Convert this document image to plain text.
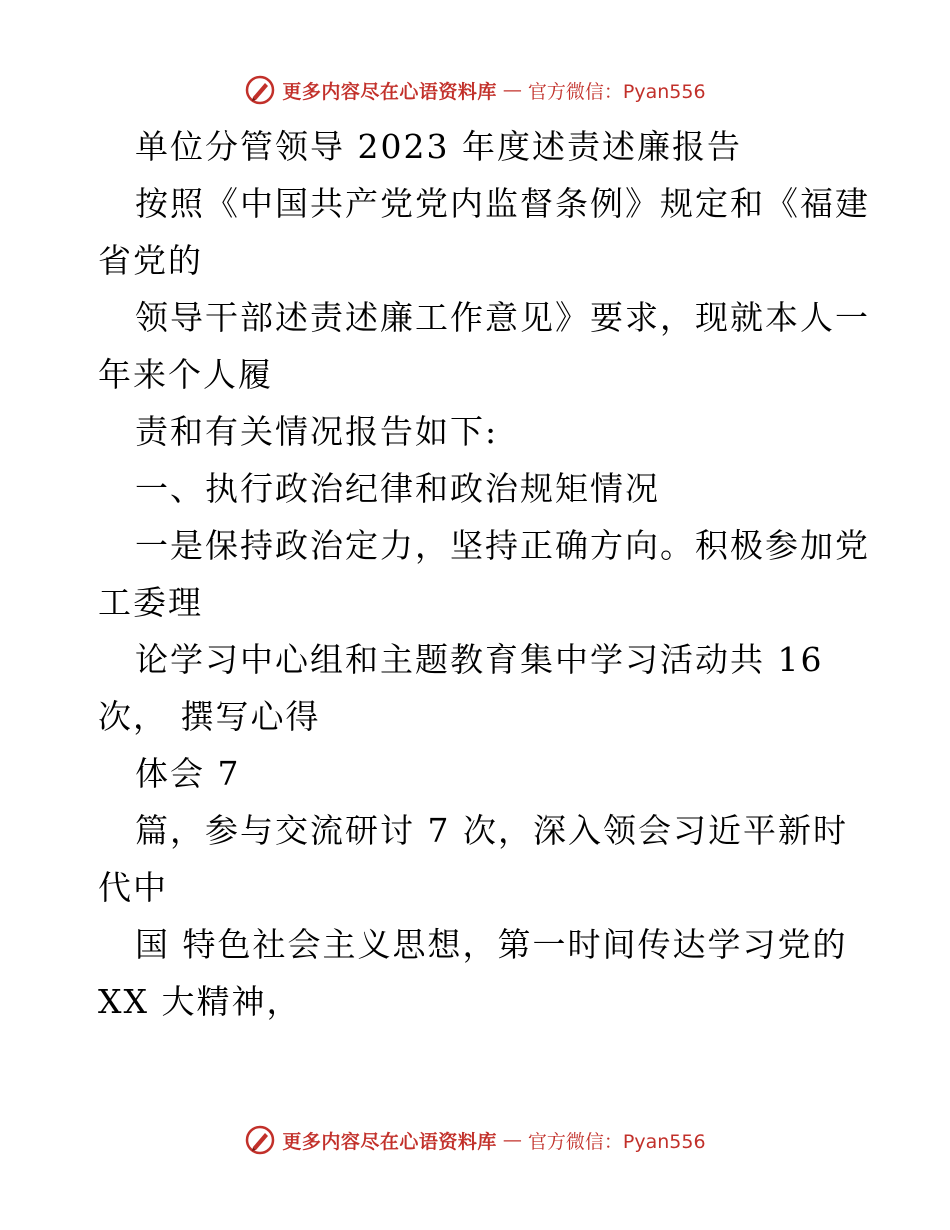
更多内容尽在心语资料库 — 官方微信：Pyan556
单位分管领导 2023 年度述责述廉报告
按照《中国共产党党内监督条例》规定和《福建
省党的
领导干部述责述廉工作意见》要求，现就本人一
年来个人履
责和有关情况报告如下:
一、执行政治纪律和政治规矩情况
一是保持政治定力，坚持正确方向。积极参加党
工委理
论学习中心组和主题教育集中学习活动共 16
次， 撰写心得
体会 7
篇，参与交流研讨 7 次，深入领会习近平新时
代中
国 特色社会主义思想，第一时间传达学习党的
XX 大精神，
更多内容尽在心语资料库 — 官方微信：Pyan556
